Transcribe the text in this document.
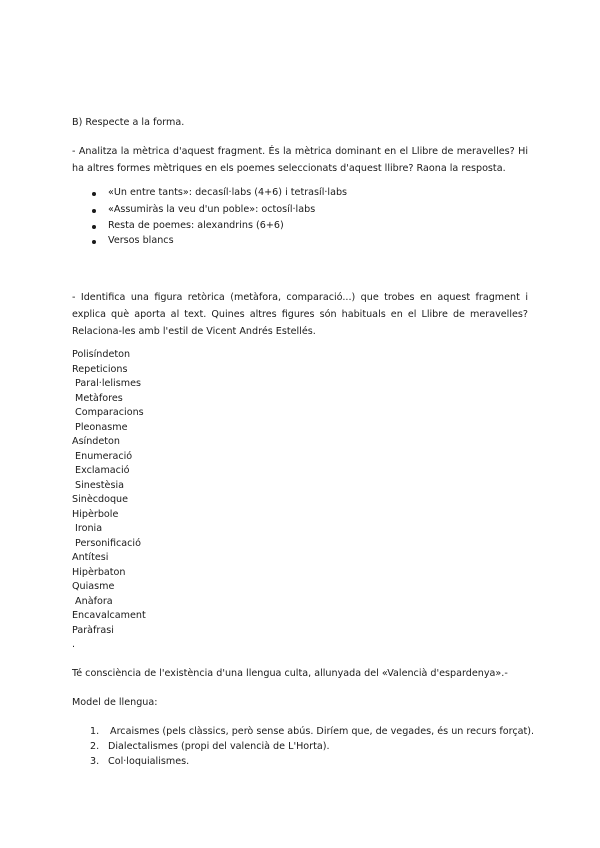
B) Respecte a la forma.
- Analitza la mètrica d'aquest fragment. És la mètrica dominant en el Llibre de meravelles? Hi ha altres formes mètriques en els poemes seleccionats d'aquest llibre? Raona la resposta.
«Un entre tants»: decasíl·labs (4+6) i tetrasíl·labs
«Assumiràs la veu d'un poble»: octosíl·labs
Resta de poemes: alexandrins (6+6)
Versos blancs
- Identifica una figura retòrica (metàfora, comparació...) que trobes en aquest fragment i explica què aporta al text. Quines altres figures són habituals en el Llibre de meravelles? Relaciona-les amb l'estil de Vicent Andrés Estellés.
Polisíndeton
Repeticions
Paral·lelismes
Metàfores
Comparacions
Pleonasme
Asíndeton
Enumeració
Exclamació
Sinestèsia
Sinècdoque
Hipèrbole
Ironia
Personificació
Antítesi
Hipèrbaton
Quiasme
Anàfora
Encavalcament
Paràfrasi
.
Té consciència de l'existència d'una llengua culta, allunyada del «Valencià d'espardenya».-
Model de llengua:
1. Arcaismes (pels clàssics, però sense abús. Diríem que, de vegades, és un recurs forçat).
2. Dialectalismes (propi del valencià de L'Horta).
3. Col·loquialismes.
